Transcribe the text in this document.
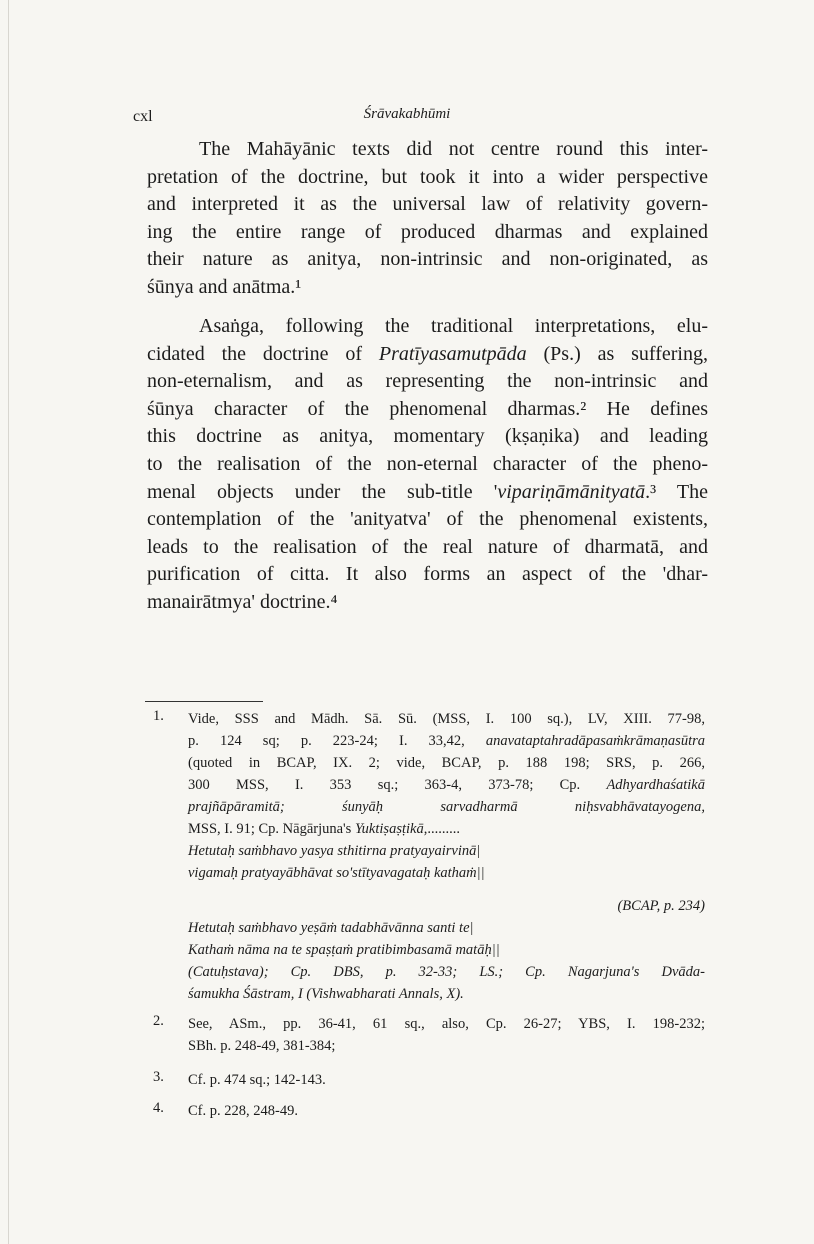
cxl	Śrāvakabhūmi
The Mahāyānic texts did not centre round this inter-
pretation of the doctrine, but took it into a wider perspective
and interpreted it as the universal law of relativity govern-
ing the entire range of produced dharmas and explained
their nature as anitya, non-intrinsic and non-originated, as
śūnya and anātma.¹
Asaṅga, following the traditional interpretations, elu-
cidated the doctrine of Pratīyasamutpāda (Ps.) as suffering,
non-eternalism, and as representing the non-intrinsic and
śūnya character of the phenomenal dharmas.² He defines
this doctrine as anitya, momentary (kṣaṇika) and leading
to the realisation of the non-eternal character of the pheno-
menal objects under the sub-title 'vipariṇāmānityatā.³ The
contemplation of the 'anityatva' of the phenomenal existents,
leads to the realisation of the real nature of dharmatā, and
purification of citta. It also forms an aspect of the 'dhar-
manairātmya' doctrine.⁴
1. Vide, SSS and Mādh. Sā. Sū. (MSS, I. 100 sq.), LV, XIII. 77-98,
p. 124 sq; p. 223-24; I. 33,42, anavataptahradāpasaṁkrāmaṇasūtra
(quoted in BCAP, IX. 2; vide, BCAP, p. 188 198; SRS, p. 266,
300 MSS, I. 353 sq.; 363-4, 373-78; Cp. Adhyardhaśatikā
prajñāpāramitā; śunyāḥ sarvadharmā niḥsvabhāvatayogena,
MSS, I. 91; Cp. Nāgārjuna's Yuktiṣaṣṭikā,.........
Hetutaḥ saṁbhavo yasya sthitirna pratyayairvinā|
vigamaḥ pratyayābhāvat so'stītyavagataḥ kathaṁ||
(BCAP, p. 234)
Hetutaḥ saṁbhavo yeṣāṁ tadabhāvānna santi te|
Kathaṁ nāma na te spaṣṭaṁ pratibimbasamā matāḥ||
(Catuḥstava); Cp. DBS, p. 32-33; LS.; Cp. Nagarjuna's Dvāda-
śamukha Śāstram, I (Vishwabharati Annals, X).
2. See, ASm., pp. 36-41, 61 sq., also, Cp. 26-27; YBS, I. 198-232;
SBh. p. 248-49, 381-384;
3. Cf. p. 474 sq.; 142-143.
4. Cf. p. 228, 248-49.
